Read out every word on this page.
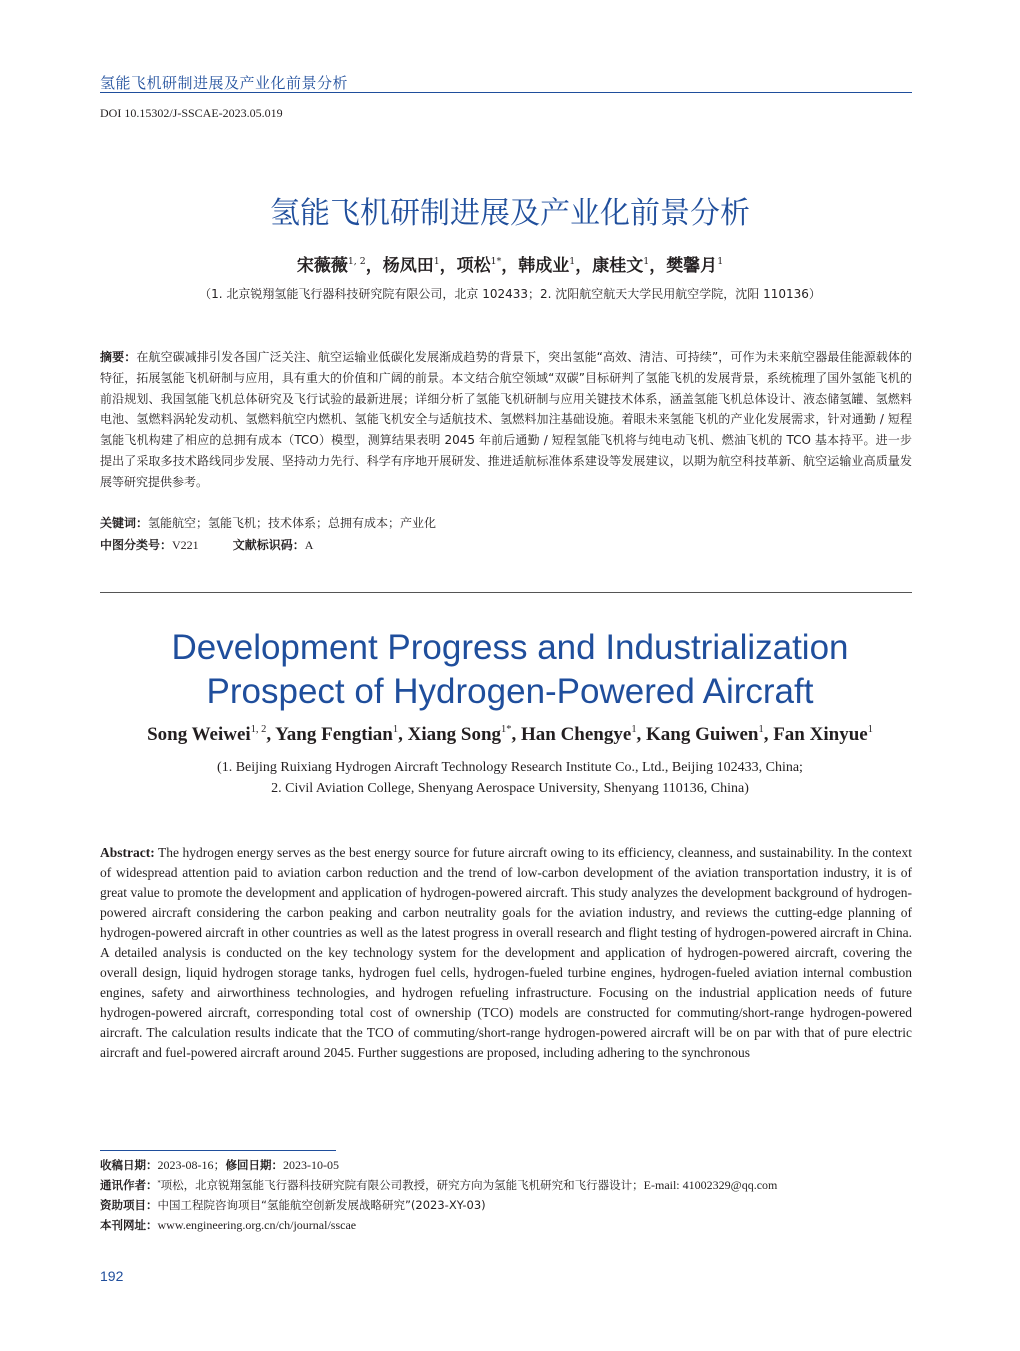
氢能飞机研制进展及产业化前景分析
DOI 10.15302/J-SSCAE-2023.05.019
氢能飞机研制进展及产业化前景分析
宋薇薇$^{1, 2}$，杨凤田$^1$，项松$^{1*}$，韩成业$^1$，康桂文$^1$，樊馨月$^1$
（1. 北京锐翔氢能飞行器科技研究院有限公司，北京 102433；2. 沈阳航空航天大学民用航空学院，沈阳 110136）
摘要：在航空碳减排引发各国广泛关注、航空运输业低碳化发展渐成趋势的背景下，突出氢能“高效、清洁、可持续”，可作为未来航空器最佳能源载体的特征，拓展氢能飞机研制与应用，具有重大的价值和广阔的前景。本文结合航空领域“双碳”目标研判了氢能飞机的发展背景，系统梳理了国外氢能飞机的前沿规划、我国氢能飞机总体研究及飞行试验的最新进展；详细分析了氢能飞机研制与应用关键技术体系，涵盖氢能飞机总体设计、液态储氢罐、氢燃料电池、氢燃料涡轮发动机、氢燃料航空内燃机、氢能飞机安全与适航技术、氢燃料加注基础设施。着眼未来氢能飞机的产业化发展需求，针对通勤 / 短程氢能飞机构建了相应的总拥有成本（TCO）模型，测算结果表明 2045 年前后通勤 / 短程氢能飞机将与纯电动飞机、燃油飞机的 TCO 基本持平。进一步提出了采取多技术路线同步发展、坚持动力先行、科学有序地开展研发、推进适航标准体系建设等发展建议，以期为航空科技革新、航空运输业高质量发展等研究提供参考。
关键词：氢能航空；氢能飞机；技术体系；总拥有成本；产业化
中图分类号：V221	文献标识码：A
Development Progress and Industrialization
Prospect of Hydrogen-Powered Aircraft
Song Weiwei$^{1, 2}$, Yang Fengtian$^1$, Xiang Song$^{1*}$, Han Chengye$^1$, Kang Guiwen$^1$, Fan Xinyue$^1$
(1. Beijing Ruixiang Hydrogen Aircraft Technology Research Institute Co., Ltd., Beijing 102433, China;
2. Civil Aviation College, Shenyang Aerospace University, Shenyang 110136, China)
Abstract: The hydrogen energy serves as the best energy source for future aircraft owing to its efficiency, cleanness, and sustainability. In the context of widespread attention paid to aviation carbon reduction and the trend of low-carbon development of the aviation transportation industry, it is of great value to promote the development and application of hydrogen-powered aircraft. This study analyzes the development background of hydrogen-powered aircraft considering the carbon peaking and carbon neutrality goals for the aviation industry, and reviews the cutting-edge planning of hydrogen-powered aircraft in other countries as well as the latest progress in overall research and flight testing of hydrogen-powered aircraft in China. A detailed analysis is conducted on the key technology system for the development and application of hydrogen-powered aircraft, covering the overall design, liquid hydrogen storage tanks, hydrogen fuel cells, hydrogen-fueled turbine engines, hydrogen-fueled aviation internal combustion engines, safety and airworthiness technologies, and hydrogen refueling infrastructure. Focusing on the industrial application needs of future hydrogen-powered aircraft, corresponding total cost of ownership (TCO) models are constructed for commuting/short-range hydrogen-powered aircraft. The calculation results indicate that the TCO of commuting/short-range hydrogen-powered aircraft will be on par with that of pure electric aircraft and fuel-powered aircraft around 2045. Further suggestions are proposed, including adhering to the synchronous
收稿日期：2023-08-16；修回日期：2023-10-05
通讯作者：*项松，北京锐翔氢能飞行器科技研究院有限公司教授，研究方向为氢能飞机研究和飞行器设计；E-mail: 41002329@qq.com
资助项目：中国工程院咨询项目“氢能航空创新发展战略研究”(2023-XY-03)
本刊网址：www.engineering.org.cn/ch/journal/sscae
192
